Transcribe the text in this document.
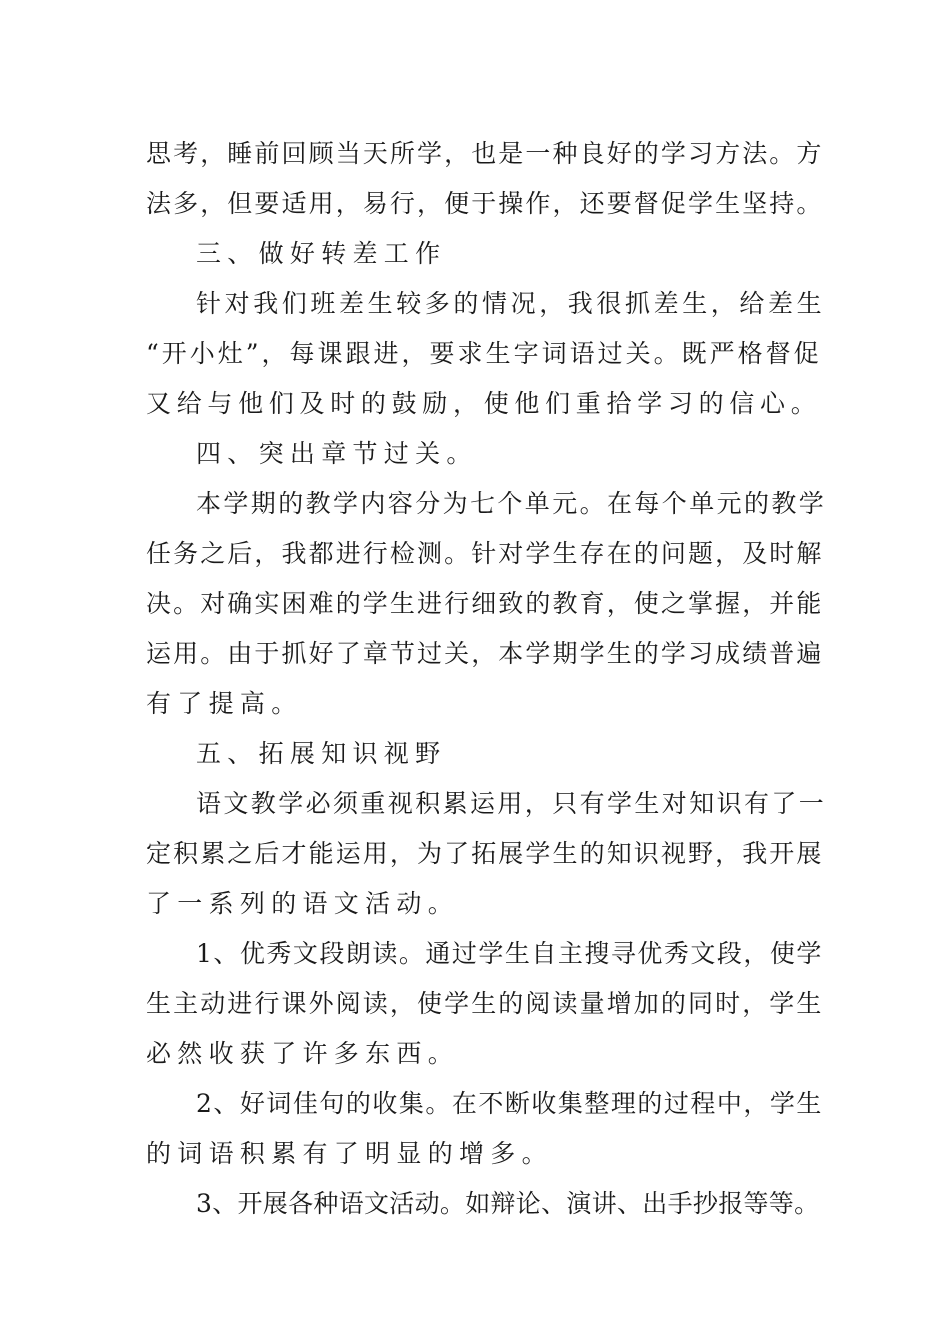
思考，睡前回顾当天所学，也是一种良好的学习方法。方
法多，但要适用，易行，便于操作，还要督促学生坚持。
三、做好转差工作
针对我们班差生较多的情况，我很抓差生，给差生
“开小灶”，每课跟进，要求生字词语过关。既严格督促
又给与他们及时的鼓励，使他们重拾学习的信心。
四、突出章节过关。
本学期的教学内容分为七个单元。在每个单元的教学
任务之后，我都进行检测。针对学生存在的问题，及时解
决。对确实困难的学生进行细致的教育，使之掌握，并能
运用。由于抓好了章节过关，本学期学生的学习成绩普遍
有了提高。
五、拓展知识视野
语文教学必须重视积累运用，只有学生对知识有了一
定积累之后才能运用，为了拓展学生的知识视野，我开展
了一系列的语文活动。
1、优秀文段朗读。通过学生自主搜寻优秀文段，使学
生主动进行课外阅读，使学生的阅读量增加的同时，学生
必然收获了许多东西。
2、好词佳句的收集。在不断收集整理的过程中，学生
的词语积累有了明显的增多。
3、开展各种语文活动。如辩论、演讲、出手抄报等等。
